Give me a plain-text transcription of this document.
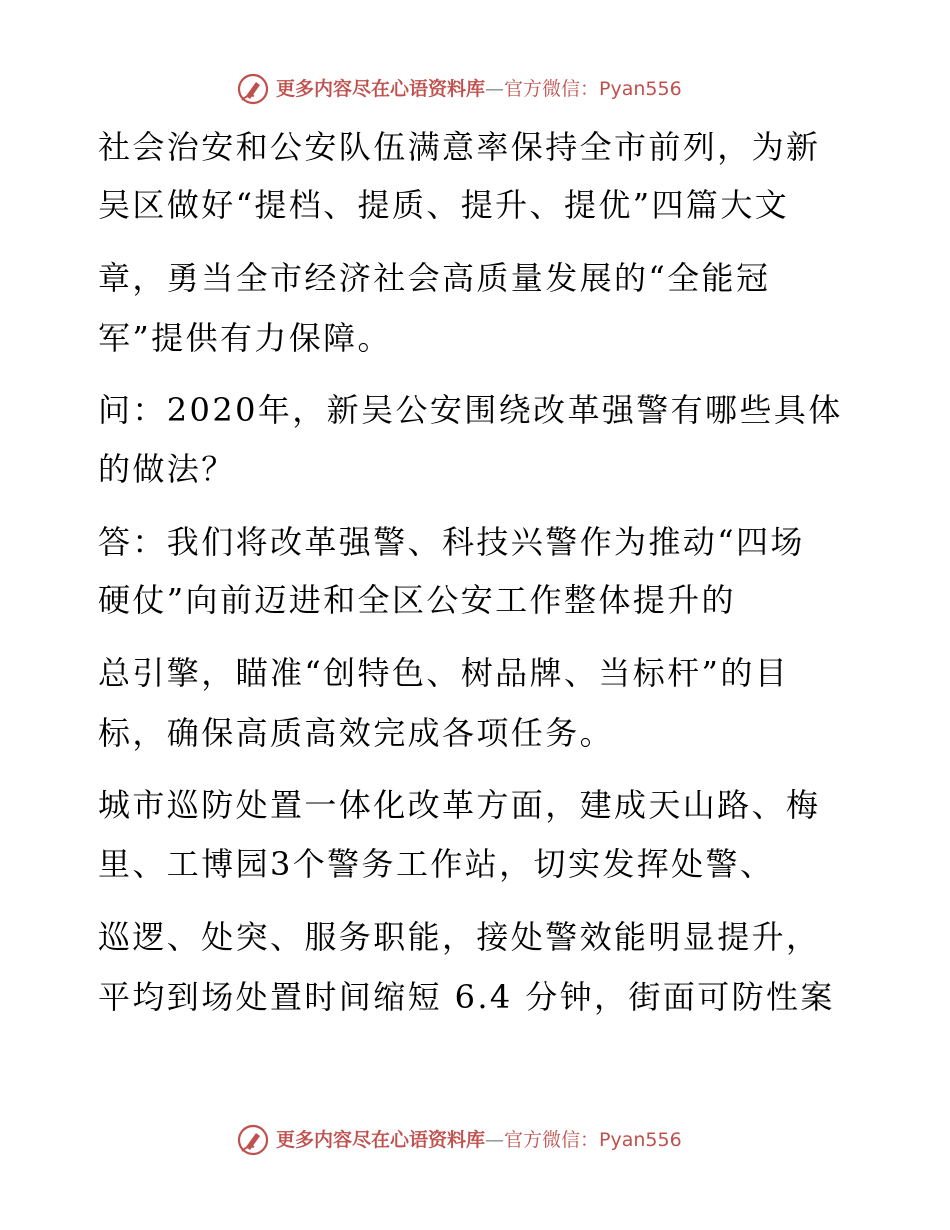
更多内容尽在心语资料库—官方微信：Pyan556
社会治安和公安队伍满意率保持全市前列，为新
吴区做好“提档、提质、提升、提优”四篇大文
章，勇当全市经济社会高质量发展的“全能冠
军”提供有力保障。
问：2020年，新吴公安围绕改革强警有哪些具体
的做法？
答：我们将改革强警、科技兴警作为推动“四场
硬仗”向前迈进和全区公安工作整体提升的
总引擎，瞄准“创特色、树品牌、当标杆”的目
标，确保高质高效完成各项任务。
城市巡防处置一体化改革方面，建成天山路、梅
里、工博园3个警务工作站，切实发挥处警、
巡逻、处突、服务职能，接处警效能明显提升，
平均到场处置时间缩短 6.4 分钟，街面可防性案
更多内容尽在心语资料库—官方微信：Pyan556
